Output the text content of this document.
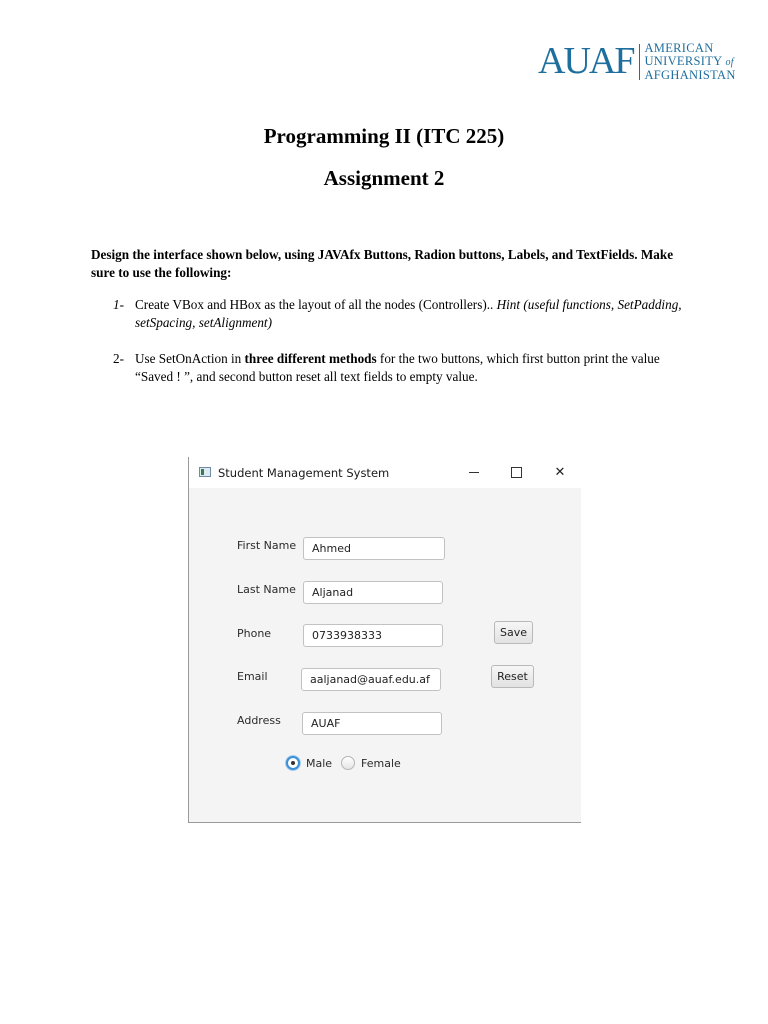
AUAF AMERICAN
UNIVERSITY of
AFGHANISTAN
Programming II (ITC 225)
Assignment 2
Design the interface shown below, using JAVAfx Buttons, Radion buttons, Labels, and TextFields. Make sure to use the following:
1- Create VBox and HBox as the layout of all the nodes (Controllers).. Hint (useful functions, SetPadding, setSpacing, setAlignment)
2- Use SetOnAction in three different methods for the two buttons, which first button print the value “Saved ! ”, and second button reset all text fields to empty value.
Student Management System	✕
First Name	Ahmed
Last Name	Aljanad
Phone	0733938333	Save
Email	aaljanad@auaf.edu.af	Reset
Address	AUAF
Male	Female
